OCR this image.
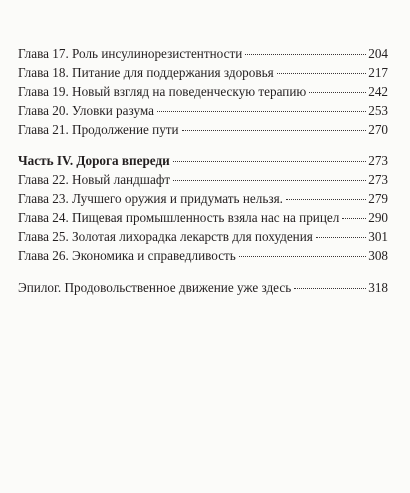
Глава 17. Роль инсулинорезистентности	204
Глава 18. Питание для поддержания здоровья	217
Глава 19. Новый взгляд на поведенческую терапию	242
Глава 20. Уловки разума	253
Глава 21. Продолжение пути	270
Часть IV. Дорога впереди	273
Глава 22. Новый ландшафт	273
Глава 23. Лучшего оружия и придумать нельзя.	279
Глава 24. Пищевая промышленность взяла нас на прицел 290
Глава 25. Золотая лихорадка лекарств для похудения	301
Глава 26. Экономика и справедливость	308
Эпилог. Продовольственное движение уже здесь	318
